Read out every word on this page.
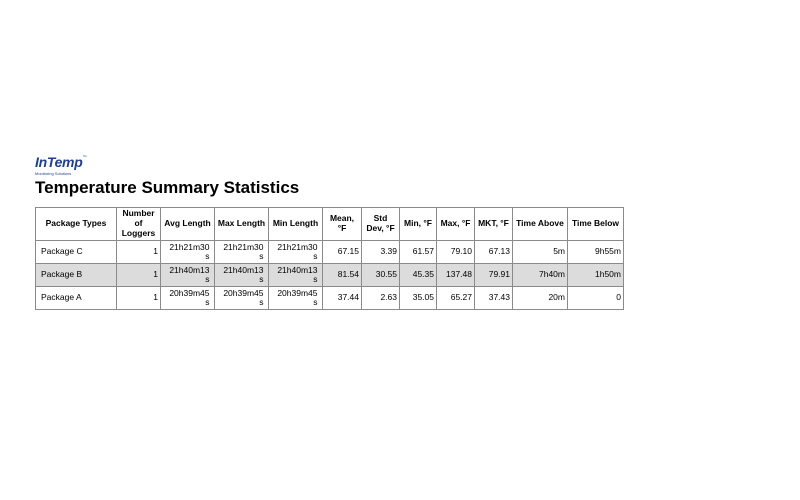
InTemp™
Monitoring Solutions
Temperature Summary Statistics
Package Types	Number of Loggers	Avg Length	Max Length	Min Length	Mean, °F	Std Dev, °F	Min, °F	Max, °F	MKT, °F	Time Above	Time Below
Package C	1	21h21m30s	21h21m30s	21h21m30s	67.15	3.39	61.57	79.10	67.13	5m	9h55m
Package B	1	21h40m13s	21h40m13s	21h40m13s	81.54	30.55	45.35	137.48	79.91	7h40m	1h50m
Package A	1	20h39m45s	20h39m45s	20h39m45s	37.44	2.63	35.05	65.27	37.43	20m	0
